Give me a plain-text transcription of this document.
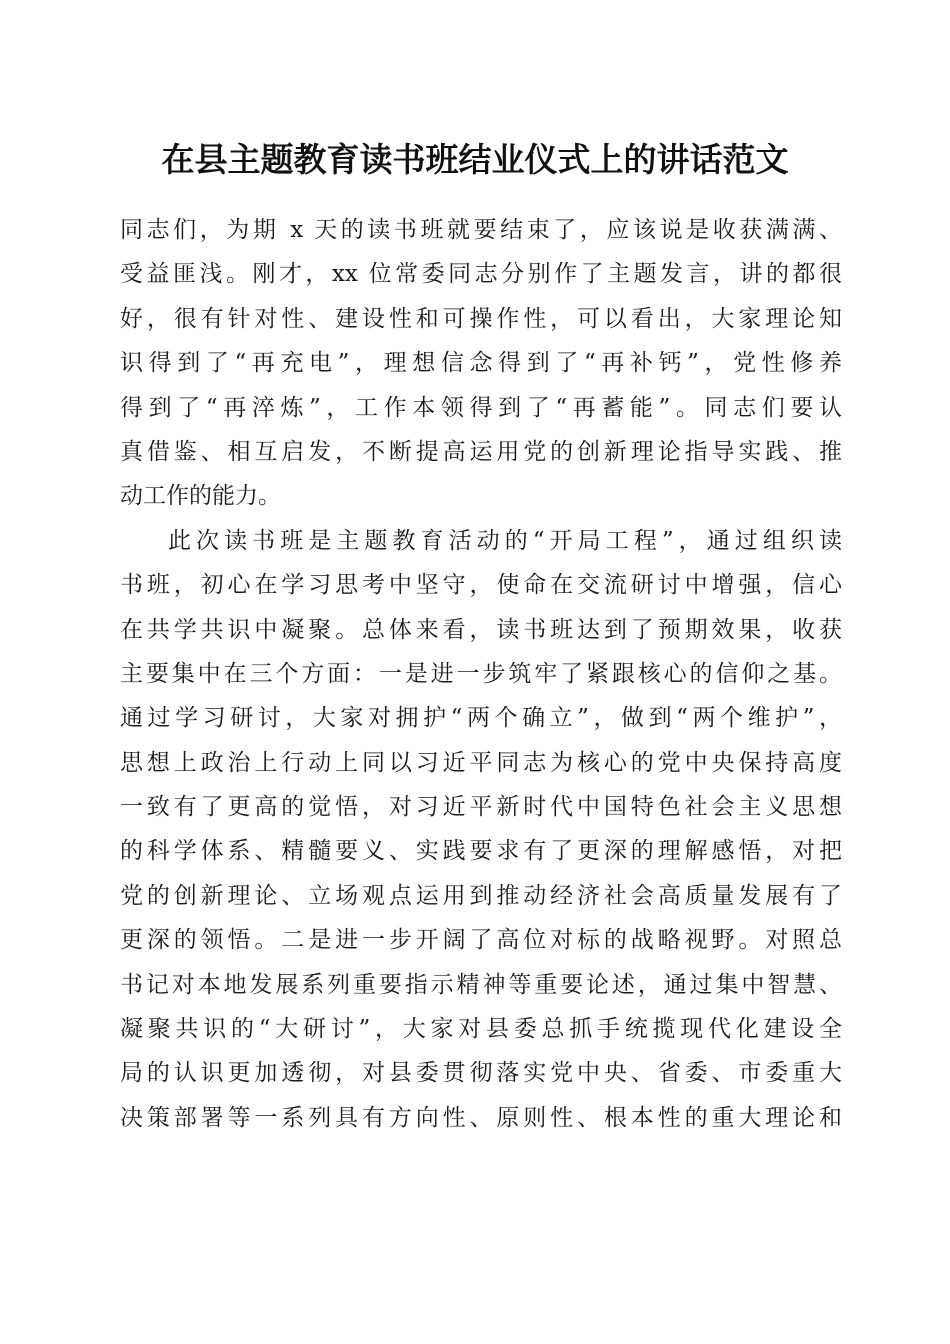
在县主题教育读书班结业仪式上的讲话范文
同志们，为期 x 天的读书班就要结束了，应该说是收获满满、
受益匪浅。刚才，xx 位常委同志分别作了主题发言，讲的都很
好，很有针对性、建设性和可操作性，可以看出，大家理论知
识得到了“再充电”，理想信念得到了“再补钙”，党性修养
得到了“再淬炼”，工作本领得到了“再蓄能”。同志们要认
真借鉴、相互启发，不断提高运用党的创新理论指导实践、推
动工作的能力。
此次读书班是主题教育活动的“开局工程”，通过组织读
书班，初心在学习思考中坚守，使命在交流研讨中增强，信心
在共学共识中凝聚。总体来看，读书班达到了预期效果，收获
主要集中在三个方面：一是进一步筑牢了紧跟核心的信仰之基。
通过学习研讨，大家对拥护“两个确立”，做到“两个维护”，
思想上政治上行动上同以习近平同志为核心的党中央保持高度
一致有了更高的觉悟，对习近平新时代中国特色社会主义思想
的科学体系、精髓要义、实践要求有了更深的理解感悟，对把
党的创新理论、立场观点运用到推动经济社会高质量发展有了
更深的领悟。二是进一步开阔了高位对标的战略视野。对照总
书记对本地发展系列重要指示精神等重要论述，通过集中智慧、
凝聚共识的“大研讨”，大家对县委总抓手统揽现代化建设全
局的认识更加透彻，对县委贯彻落实党中央、省委、市委重大
决策部署等一系列具有方向性、原则性、根本性的重大理论和
